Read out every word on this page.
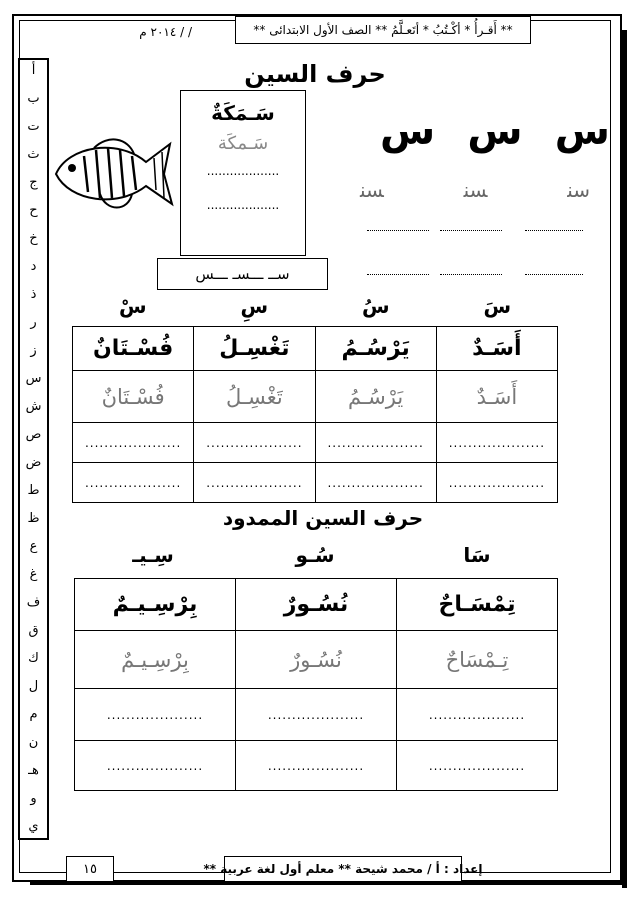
** أَقـرأُ * أكْـتُبُ * أتَعـلَّمُ ** الصف الأول الابتدائى **
/ / ٢٠١٤ م
أ
ب
ت
ث
ج
ح
خ
د
ذ
ر
ز
س
ش
ص
ض
ط
ظ
ع
غ
ف
ق
ك
ل
م
ن
هـ
و
ي
حرف السين
س
س
س
ﺳﻨ
ﺴﻨ
ﺴﻨ
سَـمَكَةٌ
سَـمكَة
...................
...................
ســ ـــسـ ـــس
سَ
سُ
سِ
سْ
أَسَـدٌ	يَرْسُـمُ	تَغْسِـلُ	فُسْـتَانٌ
أَسَـدٌ	يَرْسُـمُ	تَغْسِـلُ	فُسْـتَانٌ
....................	....................	....................	....................
....................	....................	....................	....................
حرف السين الممدود
سَا
سُـو
سِـيـ
تِمْسَـاحٌ	نُسُـورٌ	بِرْسِـيـمٌ
تِـمْسَاحٌ	نُسُـورٌ	بِرْسِـيـمٌ
....................	....................	....................
....................	....................	....................
إعداد : أ / محمد شيحة ** معلم أول لغة عربية **
١٥
